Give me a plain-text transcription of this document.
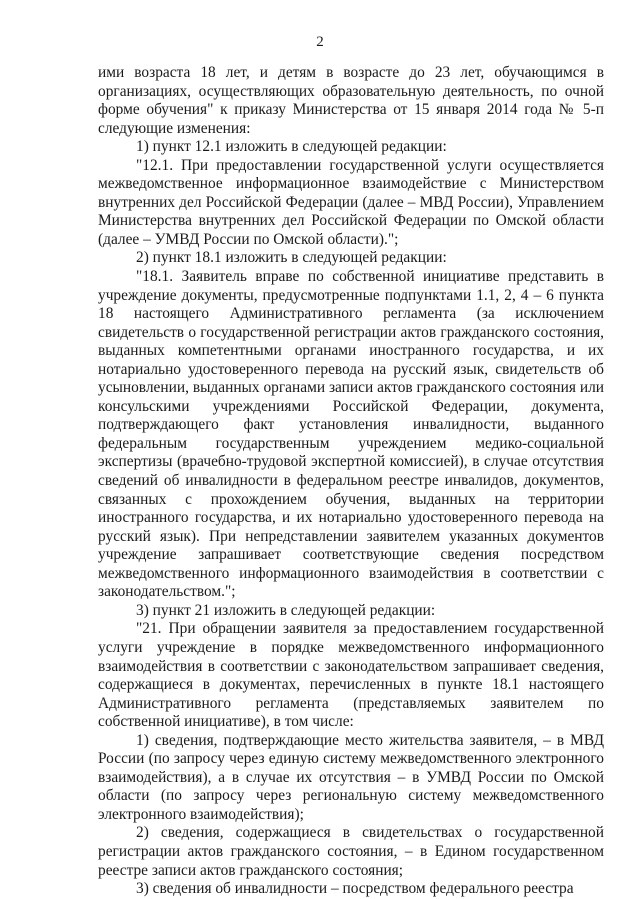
2

ими возраста 18 лет, и детям в возрасте до 23 лет, обучающимся в организациях, осуществляющих образовательную деятельность, по очной форме обучения" к приказу Министерства от 15 января 2014 года № 5-п следующие изменения:

1) пункт 12.1 изложить в следующей редакции:

"12.1. При предоставлении государственной услуги осуществляется межведомственное информационное взаимодействие с Министерством внутренних дел Российской Федерации (далее – МВД России), Управлением Министерства внутренних дел Российской Федерации по Омской области (далее – УМВД России по Омской области).";

2) пункт 18.1 изложить в следующей редакции:

"18.1. Заявитель вправе по собственной инициативе представить в учреждение документы, предусмотренные подпунктами 1.1, 2, 4 – 6 пункта 18 настоящего Административного регламента (за исключением свидетельств о государственной регистрации актов гражданского состояния, выданных компетентными органами иностранного государства, и их нотариально удостоверенного перевода на русский язык, свидетельств об усыновлении, выданных органами записи актов гражданского состояния или консульскими учреждениями Российской Федерации, документа, подтверждающего факт установления инвалидности, выданного федеральным государственным учреждением медико-социальной экспертизы (врачебно-трудовой экспертной комиссией), в случае отсутствия сведений об инвалидности в федеральном реестре инвалидов, документов, связанных с прохождением обучения, выданных на территории иностранного государства, и их нотариально удостоверенного перевода на русский язык). При непредставлении заявителем указанных документов учреждение запрашивает соответствующие сведения посредством межведомственного информационного взаимодействия в соответствии с законодательством.";

3) пункт 21 изложить в следующей редакции:

"21. При обращении заявителя за предоставлением государственной услуги учреждение в порядке межведомственного информационного взаимодействия в соответствии с законодательством запрашивает сведения, содержащиеся в документах, перечисленных в пункте 18.1 настоящего Административного регламента (представляемых заявителем по собственной инициативе), в том числе:

1) сведения, подтверждающие место жительства заявителя, – в МВД России (по запросу через единую систему межведомственного электронного взаимодействия), а в случае их отсутствия – в УМВД России по Омской области (по запросу через региональную систему межведомственного электронного взаимодействия);

2) сведения, содержащиеся в свидетельствах о государственной регистрации актов гражданского состояния, – в Едином государственном реестре записи актов гражданского состояния;

3) сведения об инвалидности – посредством федерального реестра
